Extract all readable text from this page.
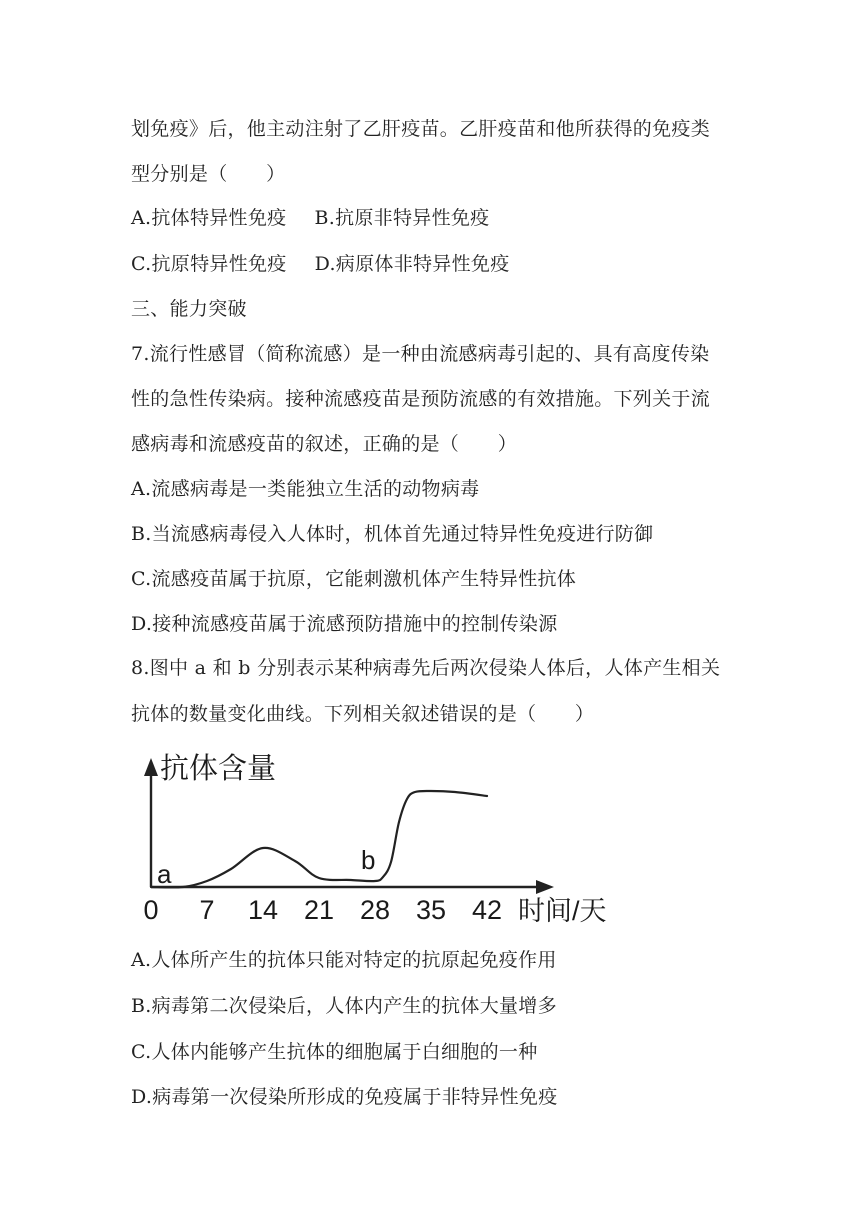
划免疫》后，他主动注射了乙肝疫苗。乙肝疫苗和他所获得的免疫类
型分别是（　　）
A.抗体特异性免疫 B.抗原非特异性免疫
C.抗原特异性免疫 D.病原体非特异性免疫
三、能力突破
7.流行性感冒（简称流感）是一种由流感病毒引起的、具有高度传染
性的急性传染病。接种流感疫苗是预防流感的有效措施。下列关于流
感病毒和流感疫苗的叙述，正确的是（　　）
A.流感病毒是一类能独立生活的动物病毒
B.当流感病毒侵入人体时，机体首先通过特异性免疫进行防御
C.流感疫苗属于抗原，它能刺激机体产生特异性抗体
D.接种流感疫苗属于流感预防措施中的控制传染源
8.图中 a 和 b 分别表示某种病毒先后两次侵染人体后，人体产生相关
抗体的数量变化曲线。下列相关叙述错误的是（　　）
抗体含量
时间/天
0 7 14 21 28 35 42
a	b
A.人体所产生的抗体只能对特定的抗原起免疫作用
B.病毒第二次侵染后，人体内产生的抗体大量增多
C.人体内能够产生抗体的细胞属于白细胞的一种
D.病毒第一次侵染所形成的免疫属于非特异性免疫
